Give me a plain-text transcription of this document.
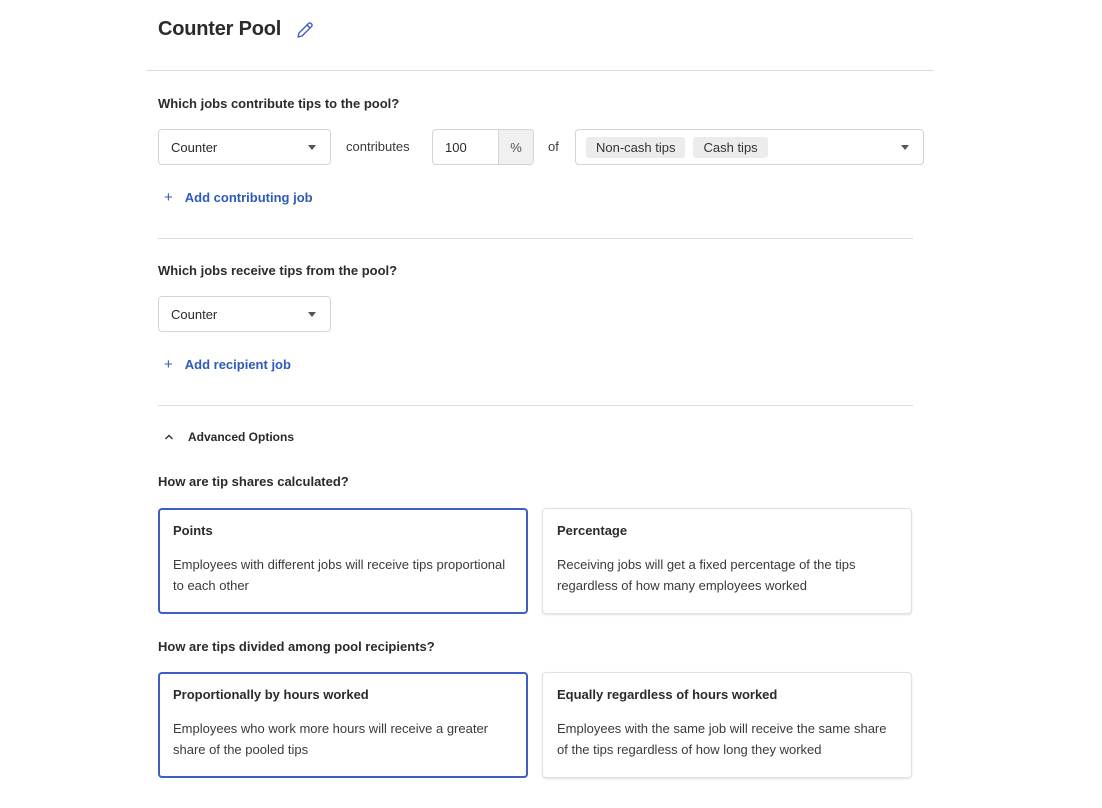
Counter Pool
Which jobs contribute tips to the pool?
Counter	contributes	100	%	of	Non-cash tips	Cash tips
+ Add contributing job
Which jobs receive tips from the pool?
Counter
+ Add recipient job
Advanced Options
How are tip shares calculated?
Points
Employees with different jobs will receive tips proportional to each other
Percentage
Receiving jobs will get a fixed percentage of the tips regardless of how many employees worked
How are tips divided among pool recipients?
Proportionally by hours worked
Employees who work more hours will receive a greater share of the pooled tips
Equally regardless of hours worked
Employees with the same job will receive the same share of the tips regardless of how long they worked
